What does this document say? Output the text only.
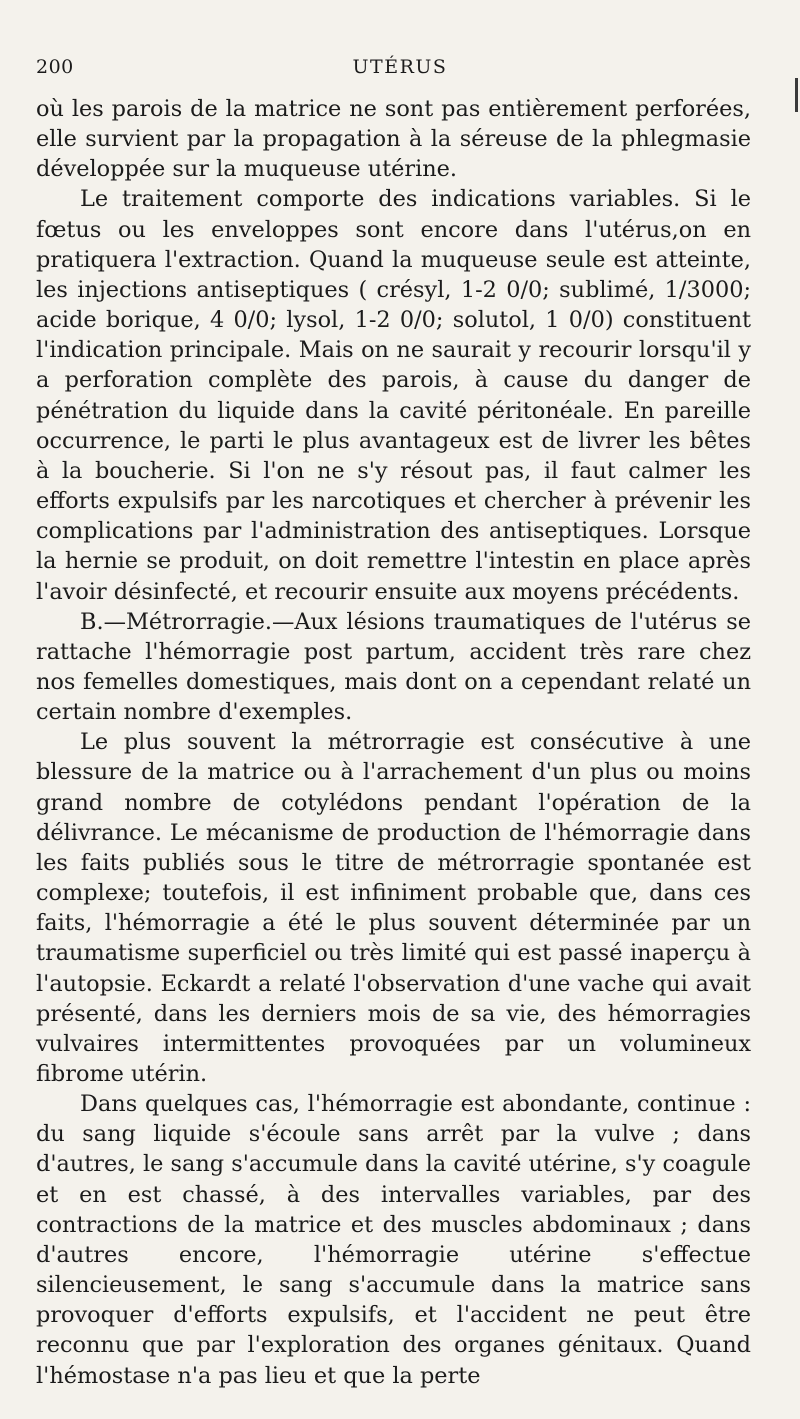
200	UTÉRUS

où les parois de la matrice ne sont pas entièrement perforées, elle survient par la propagation à la séreuse de la phlegmasie développée sur la muqueuse utérine.

Le traitement comporte des indications variables. Si le fœtus ou les enveloppes sont encore dans l'utérus,on en pratiquera l'extraction. Quand la muqueuse seule est atteinte, les injections antiseptiques ( crésyl, 1-2 0/0; sublimé, 1/3000; acide borique, 4 0/0; lysol, 1-2 0/0; solutol, 1 0/0) constituent l'indication principale. Mais on ne saurait y recourir lorsqu'il y a perforation complète des parois, à cause du danger de pénétration du liquide dans la cavité péritonéale. En pareille occurrence, le parti le plus avantageux est de livrer les bêtes à la boucherie. Si l'on ne s'y résout pas, il faut calmer les efforts expulsifs par les narcotiques et chercher à prévenir les complications par l'administration des antiseptiques. Lorsque la hernie se produit, on doit remettre l'intestin en place après l'avoir désinfecté, et recourir ensuite aux moyens précédents.

B.—Métrorragie.—Aux lésions traumatiques de l'utérus se rattache l'hémorragie post partum, accident très rare chez nos femelles domestiques, mais dont on a cependant relaté un certain nombre d'exemples.

Le plus souvent la métrorragie est consécutive à une blessure de la matrice ou à l'arrachement d'un plus ou moins grand nombre de cotylédons pendant l'opération de la délivrance. Le mécanisme de production de l'hémorragie dans les faits publiés sous le titre de métrorragie spontanée est complexe; toutefois, il est infiniment probable que, dans ces faits, l'hémorragie a été le plus souvent déterminée par un traumatisme superficiel ou très limité qui est passé inaperçu à l'autopsie. Eckardt a relaté l'observation d'une vache qui avait présenté, dans les derniers mois de sa vie, des hémorragies vulvaires intermittentes provoquées par un volumineux fibrome utérin.

Dans quelques cas, l'hémorragie est abondante, continue : du sang liquide s'écoule sans arrêt par la vulve ; dans d'autres, le sang s'accumule dans la cavité utérine, s'y coagule et en est chassé, à des intervalles variables, par des contractions de la matrice et des muscles abdominaux ; dans d'autres encore, l'hémorragie utérine s'effectue silencieusement, le sang s'accumule dans la matrice sans provoquer d'efforts expulsifs, et l'accident ne peut être reconnu que par l'exploration des organes génitaux. Quand l'hémostase n'a pas lieu et que la perte
